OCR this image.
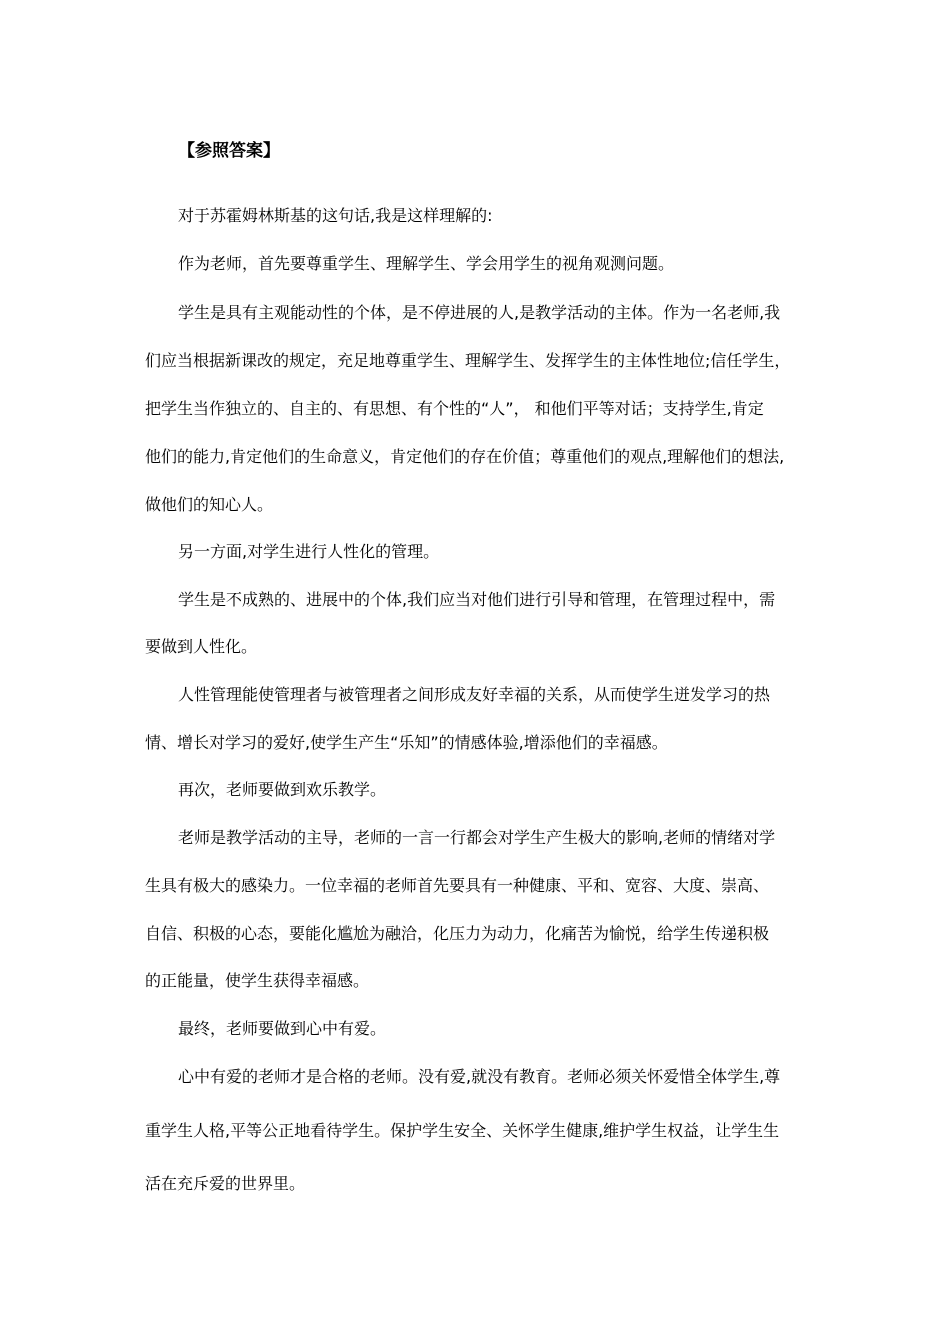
【参照答案】
对于苏霍姆林斯基的这句话,我是这样理解的:
作为老师，首先要尊重学生、理解学生、学会用学生的视角观测问题。
学生是具有主观能动性的个体，是不停进展的人,是教学活动的主体。作为一名老师,我
们应当根据新课改的规定，充足地尊重学生、理解学生、发挥学生的主体性地位;信任学生，
把学生当作独立的、自主的、有思想、有个性的“人”， 和他们平等对话；支持学生,肯定
他们的能力,肯定他们的生命意义，肯定他们的存在价值；尊重他们的观点,理解他们的想法,
做他们的知心人。
另一方面,对学生进行人性化的管理。
学生是不成熟的、进展中的个体,我们应当对他们进行引导和管理，在管理过程中，需
要做到人性化。
人性管理能使管理者与被管理者之间形成友好幸福的关系，从而使学生迸发学习的热
情、增长对学习的爱好,使学生产生“乐知”的情感体验,增添他们的幸福感。
再次，老师要做到欢乐教学。
老师是教学活动的主导，老师的一言一行都会对学生产生极大的影响,老师的情绪对学
生具有极大的感染力。一位幸福的老师首先要具有一种健康、平和、宽容、大度、崇高、
自信、积极的心态，要能化尴尬为融洽，化压力为动力，化痛苦为愉悦，给学生传递积极
的正能量，使学生获得幸福感。
最终，老师要做到心中有爱。
心中有爱的老师才是合格的老师。没有爱,就没有教育。老师必须关怀爱惜全体学生,尊
重学生人格,平等公正地看待学生。保护学生安全、关怀学生健康,维护学生权益，让学生生
活在充斥爱的世界里。
